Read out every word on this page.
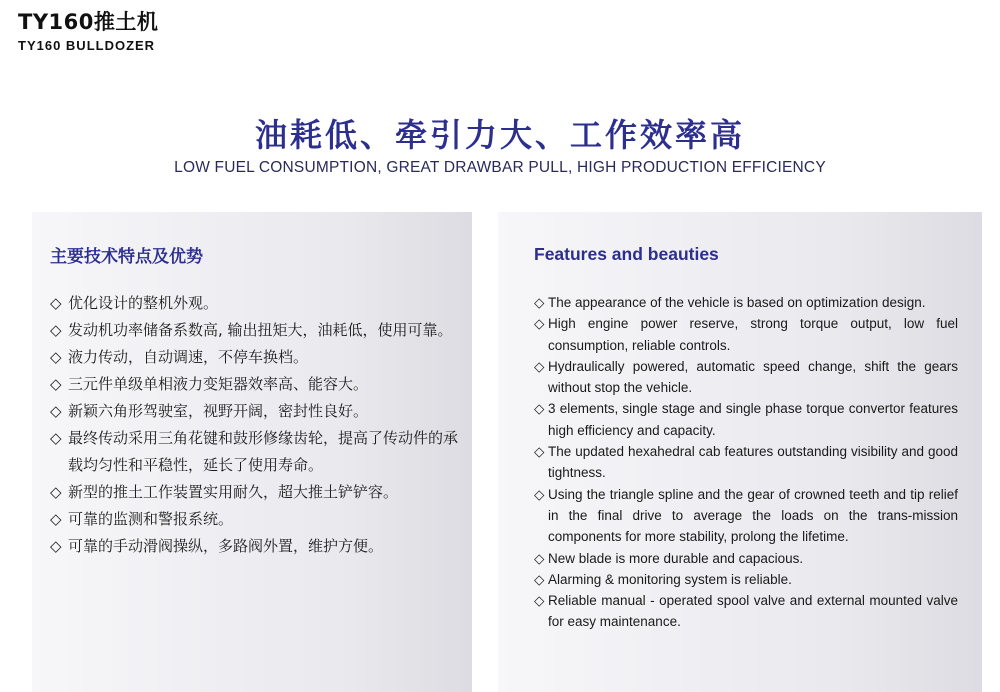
TY160推土机
TY160 BULLDOZER
油耗低、牵引力大、工作效率高
LOW FUEL CONSUMPTION, GREAT DRAWBAR PULL, HIGH PRODUCTION EFFICIENCY
主要技术特点及优势
◇ 优化设计的整机外观。
◇ 发动机功率储备系数高, 输出扭矩大，油耗低，使用可靠。
◇ 液力传动，自动调速，不停车换档。
◇ 三元件单级单相液力变矩器效率高、能容大。
◇ 新颖六角形驾驶室，视野开阔，密封性良好。
◇ 最终传动采用三角花键和鼓形修缘齿轮，提高了传动件的承载均匀性和平稳性，延长了使用寿命。
◇ 新型的推土工作装置实用耐久，超大推土铲铲容。
◇ 可靠的监测和警报系统。
◇ 可靠的手动滑阀操纵，多路阀外置，维护方便。
Features and beauties
◇ The appearance of the vehicle is based on optimization design.
◇ High engine power reserve, strong torque output, low fuel consumption, reliable controls.
◇ Hydraulically powered, automatic speed change, shift the gears without stop the vehicle.
◇ 3 elements, single stage and single phase torque convertor features high efficiency and capacity.
◇ The updated hexahedral cab features outstanding visibility and good tightness.
◇ Using the triangle spline and the gear of crowned teeth and tip relief in the final drive to average the loads on the trans-mission components for more stability, prolong the lifetime.
◇ New blade is more durable and capacious.
◇ Alarming & monitoring system is reliable.
◇ Reliable manual - operated spool valve and external mounted valve for easy maintenance.
